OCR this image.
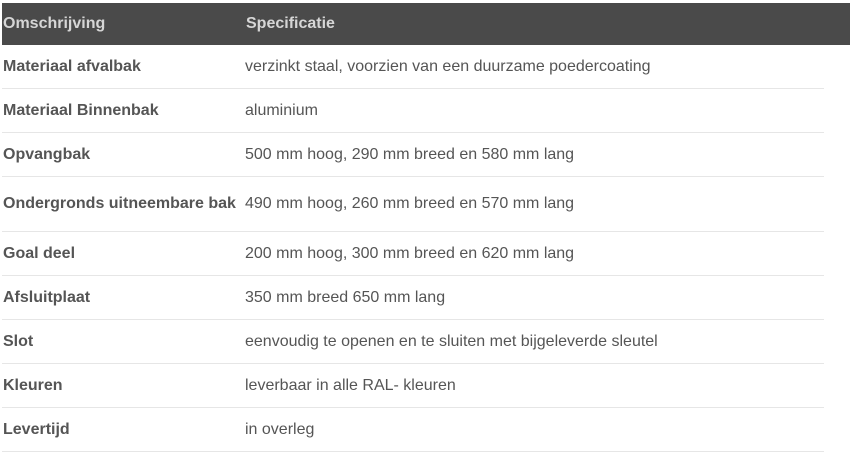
Omschrijving	Specificatie
Materiaal afvalbak	verzinkt staal, voorzien van een duurzame poedercoating
Materiaal Binnenbak	aluminium
Opvangbak	500 mm hoog, 290 mm breed en 580 mm lang
Ondergronds uitneembare bak 490 mm hoog, 260 mm breed en 570 mm lang
Goal deel	200 mm hoog, 300 mm breed en 620 mm lang
Afsluitplaat	350 mm breed 650 mm lang
Slot	eenvoudig te openen en te sluiten met bijgeleverde sleutel
Kleuren	leverbaar in alle RAL- kleuren
Levertijd	in overleg
